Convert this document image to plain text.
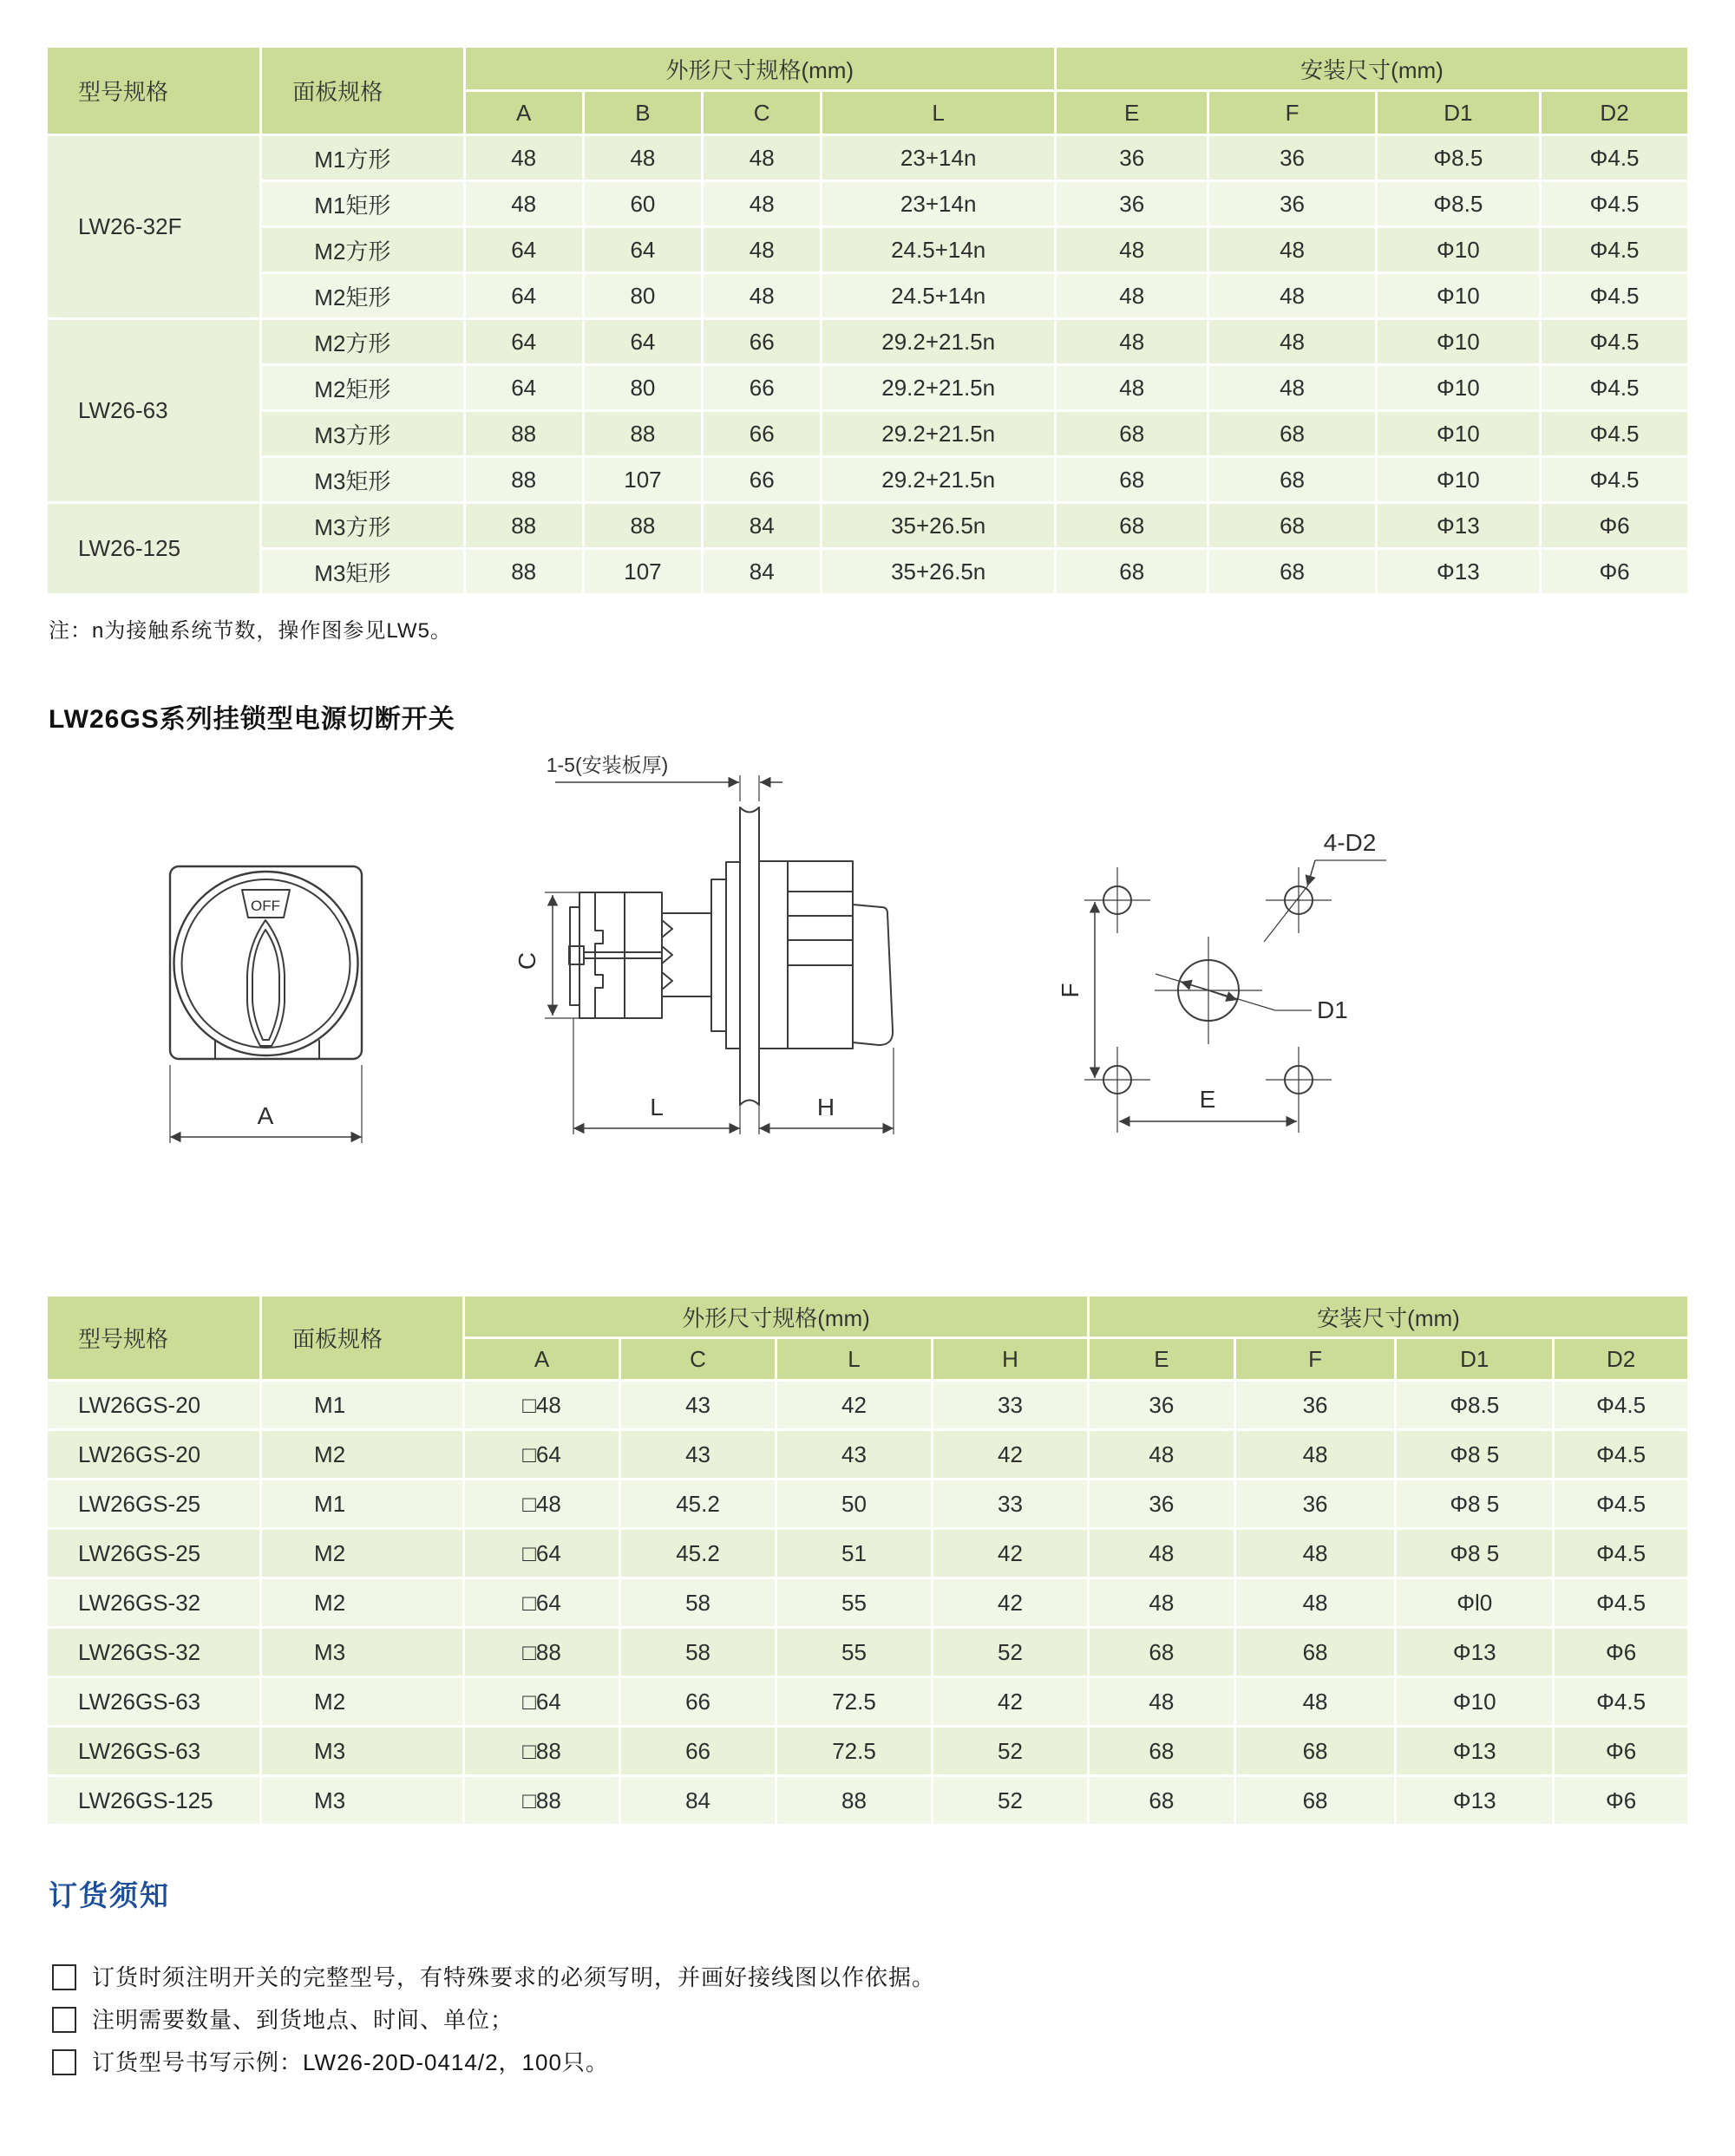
型号规格	面板规格	外形尺寸规格(mm)				安装尺寸(mm)			
		A	B	C	L	E	F	D1	D2
LW26-32F	M1方形	48	48	48	23+14n	36	36	Φ8.5	Φ4.5
	M1矩形	48	60	48	23+14n	36	36	Φ8.5	Φ4.5
	M2方形	64	64	48	24.5+14n	48	48	Φ10	Φ4.5
	M2矩形	64	80	48	24.5+14n	48	48	Φ10	Φ4.5
LW26-63	M2方形	64	64	66	29.2+21.5n	48	48	Φ10	Φ4.5
	M2矩形	64	80	66	29.2+21.5n	48	48	Φ10	Φ4.5
	M3方形	88	88	66	29.2+21.5n	68	68	Φ10	Φ4.5
	M3矩形	88	107	66	29.2+21.5n	68	68	Φ10	Φ4.5
LW26-125	M3方形	88	88	84	35+26.5n	68	68	Φ13	Φ6
	M3矩形	88	107	84	35+26.5n	68	68	Φ13	Φ6
注：n为接触系统节数，操作图参见LW5。
LW26GS系列挂锁型电源切断开关
OFF
A
1-5(安装板厚)
C
L	H
D1
4-D2
F
E
型号规格	面板规格	外形尺寸规格(mm)				安装尺寸(mm)			
		A	C	L	H	E	F	D1	D2
LW26GS-20	M1	□48	43	42	33	36	36	Φ8.5	Φ4.5
LW26GS-20	M2	□64	43	43	42	48	48	Φ8 5	Φ4.5
LW26GS-25	M1	□48	45.2	50	33	36	36	Φ8 5	Φ4.5
LW26GS-25	M2	□64	45.2	51	42	48	48	Φ8 5	Φ4.5
LW26GS-32	M2	□64	58	55	42	48	48	Φl0	Φ4.5
LW26GS-32	M3	□88	58	55	52	68	68	Φ13	Φ6
LW26GS-63	M2	□64	66	72.5	42	48	48	Φ10	Φ4.5
LW26GS-63	M3	□88	66	72.5	52	68	68	Φ13	Φ6
LW26GS-125	M3	□88	84	88	52	68	68	Φ13	Φ6
订货须知
订货时须注明开关的完整型号，有特殊要求的必须写明，并画好接线图以作依据。
注明需要数量、到货地点、时间、单位；
订货型号书写示例：LW26-20D-0414/2，100只。
